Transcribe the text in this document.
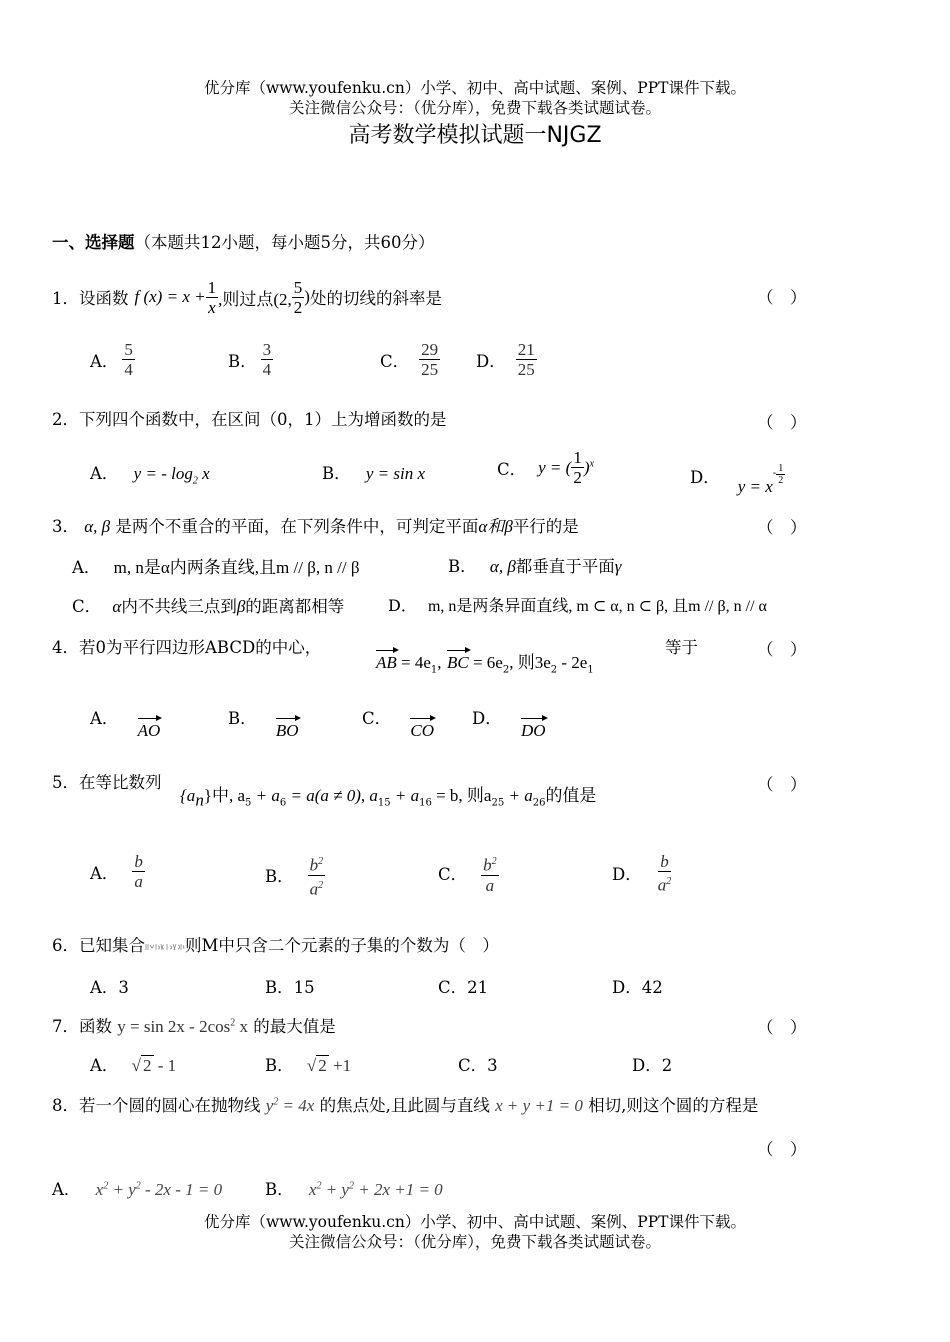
优分库（www.youfenku.cn）小学、初中、高中试题、案例、PPT课件下载。
关注微信公众号：（优分库），免费下载各类试题试卷。
高考数学模拟试题一NJGZ
一、选择题（本题共12小题，每小题5分，共60分）
1．设函数 f $(x) = x + \frac{1}{x}$ ,则过点(2, $\frac{5}{2}$ ) 处的切线的斜率是	（　）
A． $\frac{5}{4}$	B． $\frac{3}{4}$	C． $\frac{29}{25}$ D． $\frac{21}{25}$
2．下列四个函数中，在区间（0，1）上为增函数的是	（　）
A． y = - $\log_2 x$	B． y = sin x	C． y = ( $\frac{1}{2} )^x$
D． y = x
- $\frac{1}{2}$
3． α, β 是两个不重合的平面，在下列条件中，可判定平面α和β平行的是	（　）
A． m, n是α内两条直线,且m // β, n // β	B． α, β都垂直于平面γ
C． α内不共线三点到β的距离都相等	D． m, n是两条异面直线, m ⊂ α, n ⊂ β, 且m // β, n // α
4．若0为平行四边形ABCD的中心，
AB = $4e_1$, BC = $6e_2$, 则$3e_2 - 2e_1$
等于	（　）
A． AO
B． BO
C． CO
D． DO
5．在等比数列
$\{a_n\}$中, $a_5 + a_6 = a(a \ne 0)$, $a_{15} + a_{16} = b$, 则$a_{25} + a_{26}$的值是
（　）
A． $\frac{b}{a}$	B． $\frac{b^2}{a^2}$	C． $\frac{b^2}{a}$	D． $\frac{b}{a^2}$
6．已知集合 则M中只含二个元素的子集的个数为（　）
A．3	B．15	C．21	D．42
7．函数 $y = \sin 2x - 2\cos^2$ x 的最大值是	（　）
A． √ 2 - 1	B． √ 2 +1	C．3	D．2
8．若一个圆的圆心在抛物线 $y^2 = 4x$ 的焦点处,且此圆与直线 x + y +1 = 0 相切,则这个圆的方程是
（　）
A． $x^2 + y^2 - 2x - 1 = 0$	B． $x^2 + y^2 + 2x +1 = 0$
优分库（www.youfenku.cn）小学、初中、高中试题、案例、PPT课件下载。
关注微信公众号：（优分库），免费下载各类试题试卷。
